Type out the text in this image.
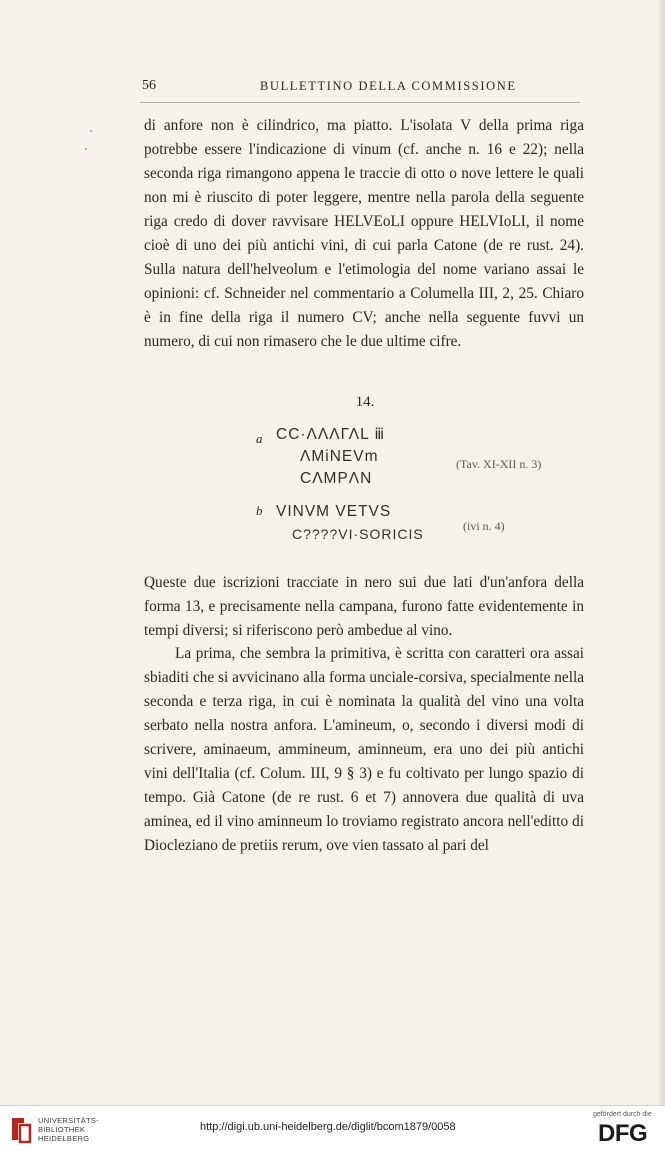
56	BULLETTINO DELLA COMMISSIONE

di anfore non è cilindrico, ma piatto. L'isolata V della prima riga potrebbe essere l'indicazione di vinum (cf. anche n. 16 e 22); nella seconda riga rimangono appena le traccie di otto o nove lettere le quali non mi è riuscito di poter leggere, mentre nella parola della seguente riga credo di dover ravvisare HELVEoLI oppure HELVIoLI, il nome cioè di uno dei più antichi vini, di cui parla Catone (de re rust. 24). Sulla natura dell'helveolum e l'etimologia del nome variano assai le opinioni: cf. Schneider nel commentario a Columella III, 2, 25. Chiaro è in fine della riga il numero CV; anche nella seguente fuvvi un numero, di cui non rimasero che le due ultime cifre.

14.
a CC·ΛΛΛΓΛL ⅲ
ΛMiNEVm
CΛMPΛN
(Tav. XI-XII n. 3)
b VINVM VETVS
C????VI·SORICIS	(ivi n. 4)

Queste due iscrizioni tracciate in nero sui due lati d'un'anfora della forma 13, e precisamente nella campana, furono fatte evidentemente in tempi diversi; si riferiscono però ambedue al vino.

La prima, che sembra la primitiva, è scritta con caratteri ora assai sbiaditi che si avvicinano alla forma unciale-corsiva, specialmente nella seconda e terza riga, in cui è nominata la qualità del vino una volta serbato nella nostra anfora. L'amineum, o, secondo i diversi modi di scrivere, aminaeum, ammineum, aminneum, era uno dei più antichi vini dell'Italia (cf. Colum. III, 9 § 3) e fu coltivato per lungo spazio di tempo. Già Catone (de re rust. 6 et 7) annovera due qualità di uva aminea, ed il vino aminneum lo troviamo registrato ancora nell'editto di Diocleziano de pretiis rerum, ove vien tassato al pari del

UNIVERSITÄTS-
BIBLIOTHEK
HEIDELBERG
http://digi.ub.uni-heidelberg.de/diglit/bcom1879/0058
gefördert durch die
DFG
